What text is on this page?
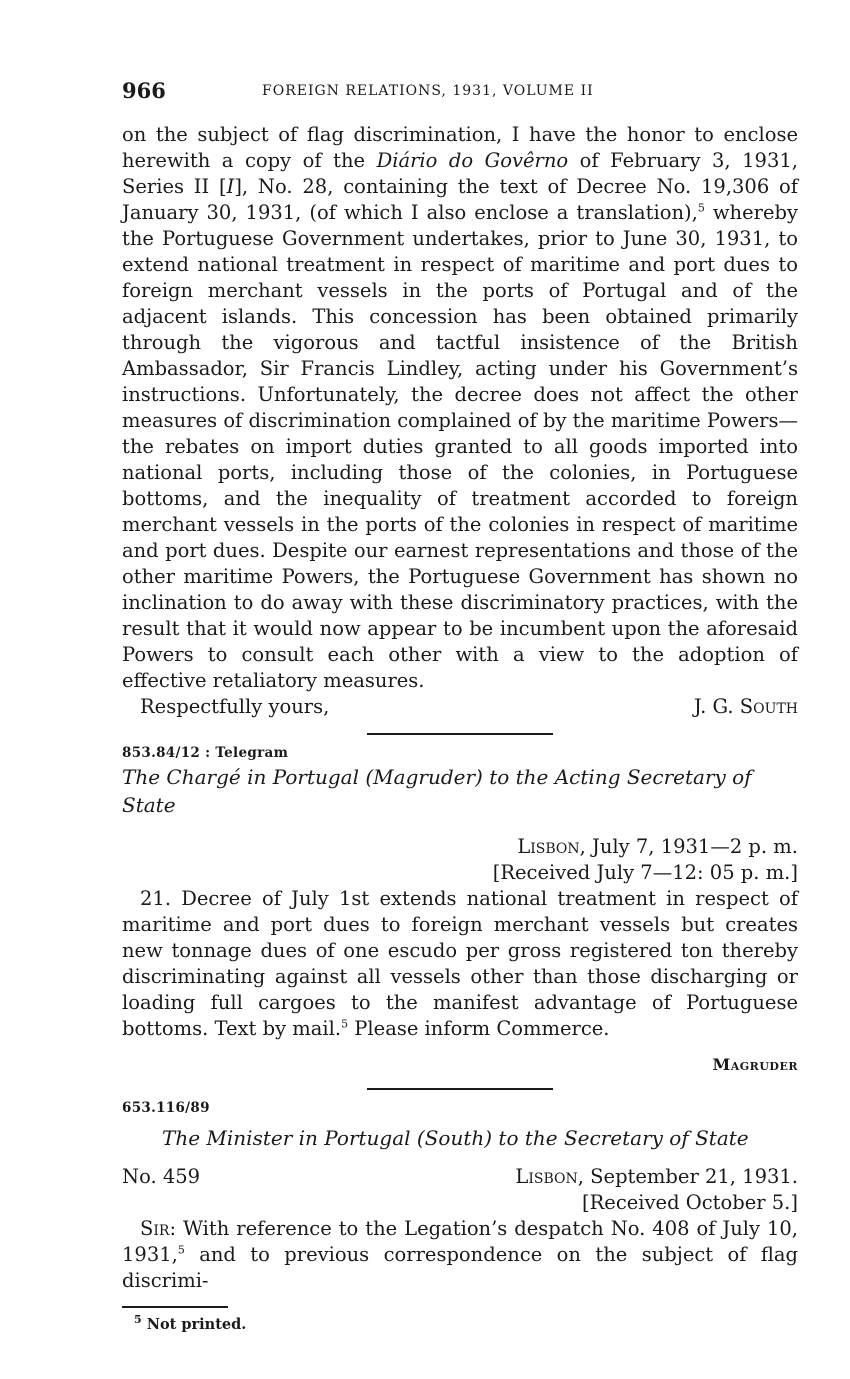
966	FOREIGN RELATIONS, 1931, VOLUME II

on the subject of flag discrimination, I have the honor to enclose herewith a copy of the Diário do Govêrno of February 3, 1931, Series II [I], No. 28, containing the text of Decree No. 19,306 of January 30, 1931, (of which I also enclose a translation),$^5$ whereby the Portuguese Government undertakes, prior to June 30, 1931, to extend national treatment in respect of maritime and port dues to foreign merchant vessels in the ports of Portugal and of the adjacent islands. This concession has been obtained primarily through the vigorous and tactful insistence of the British Ambassador, Sir Francis Lindley, acting under his Government’s instructions. Unfortunately, the decree does not affect the other measures of discrimination complained of by the maritime Powers—the rebates on import duties granted to all goods imported into national ports, including those of the colonies, in Portuguese bottoms, and the inequality of treatment accorded to foreign merchant vessels in the ports of the colonies in respect of maritime and port dues. Despite our earnest representations and those of the other maritime Powers, the Portuguese Government has shown no inclination to do away with these discriminatory practices, with the result that it would now appear to be incumbent upon the aforesaid Powers to consult each other with a view to the adoption of effective retaliatory measures.

Respectfully yours,	J. G. South
853.84/12 : Telegram
The Chargé in Portugal (Magruder) to the Acting Secretary of State
Lisbon, July 7, 1931—2 p. m.
[Received July 7—12: 05 p. m.]

21. Decree of July 1st extends national treatment in respect of maritime and port dues to foreign merchant vessels but creates new tonnage dues of one escudo per gross registered ton thereby discriminating against all vessels other than those discharging or loading full cargoes to the manifest advantage of Portuguese bottoms. Text by mail.$^5$ Please inform Commerce.

Magruder
653.116/89
The Minister in Portugal (South) to the Secretary of State
No. 459	Lisbon, September 21, 1931.
[Received October 5.]

Sir: With reference to the Legation’s despatch No. 408 of July 10, 1931,$^5$ and to previous correspondence on the subject of flag discrimi-

$^5$ Not printed.
